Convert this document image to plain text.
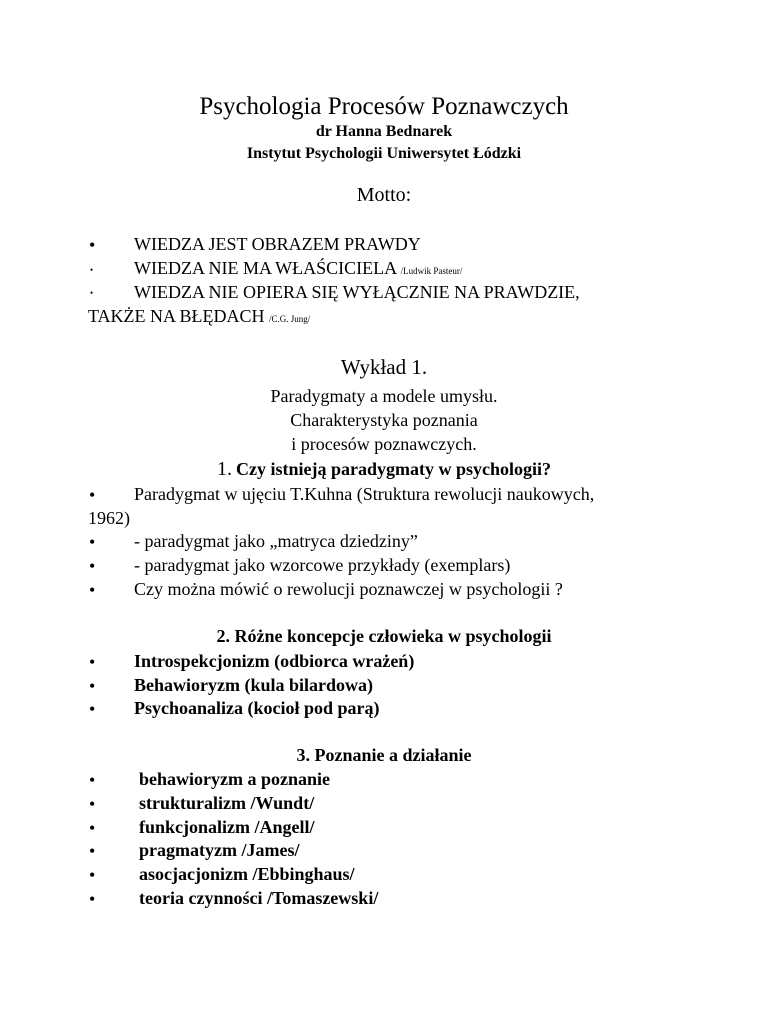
Psychologia Procesów Poznawczych
dr Hanna Bednarek
Instytut Psychologii Uniwersytet Łódzki
Motto:
• WIEDZA JEST OBRAZEM PRAWDY
• WIEDZA NIE MA WŁAŚCICIELA /Ludwik Pasteur/
• WIEDZA NIE OPIERA SIĘ WYŁĄCZNIE NA PRAWDZIE,
TAKŻE NA BŁĘDACH /C.G. Jung/
Wykład 1.
Paradygmaty a modele umysłu.
Charakterystyka poznania
i procesów poznawczych.
1. Czy istnieją paradygmaty w psychologii?
• Paradygmat w ujęciu T.Kuhna (Struktura rewolucji naukowych,
1962)
• - paradygmat jako „matryca dziedziny”
• - paradygmat jako wzorcowe przykłady (exemplars)
• Czy można mówić o rewolucji poznawczej w psychologii ?
2. Różne koncepcje człowieka w psychologii
• Introspekcjonizm (odbiorca wrażeń)
• Behawioryzm (kula bilardowa)
• Psychoanaliza (kocioł pod parą)
3. Poznanie a działanie
• behawioryzm a poznanie
• strukturalizm /Wundt/
• funkcjonalizm /Angell/
• pragmatyzm /James/
• asocjacjonizm /Ebbinghaus/
• teoria czynności /Tomaszewski/
